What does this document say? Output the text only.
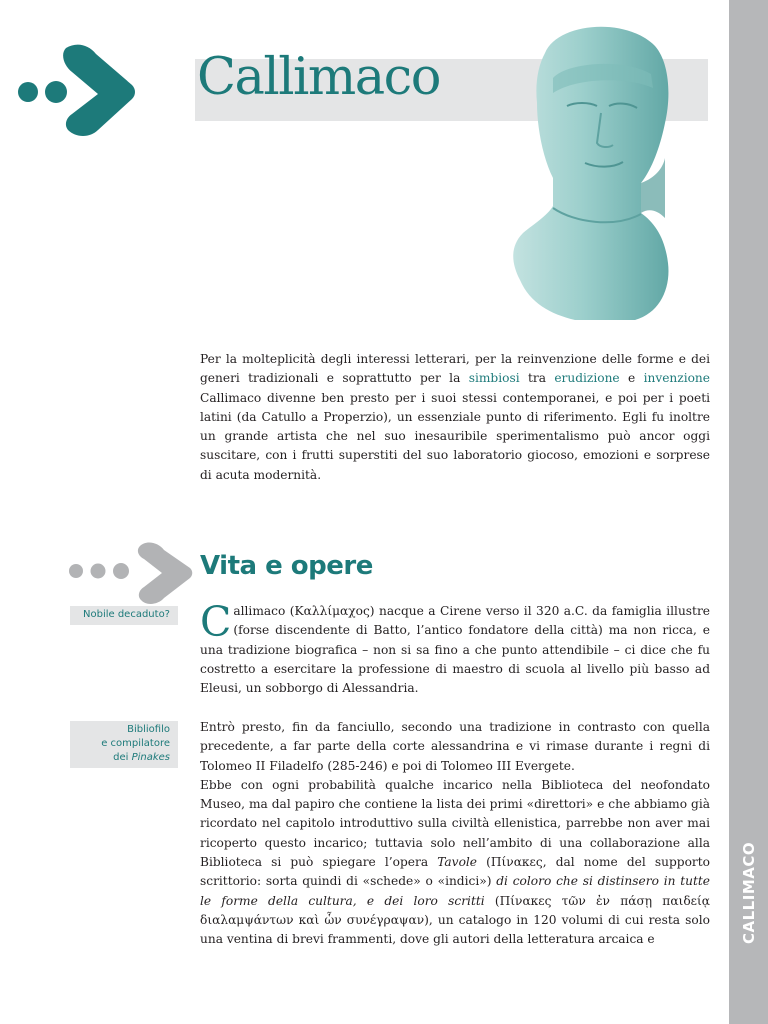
Callimaco

Per la molteplicità degli interessi letterari, per la reinvenzione delle forme e dei generi tradizionali e soprattutto per la simbiosi tra erudizione e invenzione Callimaco divenne ben presto per i suoi stessi contemporanei, e poi per i poeti latini (da Catullo a Properzio), un essenziale punto di riferimento. Egli fu inoltre un grande artista che nel suo inesauribile sperimentalismo può ancor oggi suscitare, con i frutti superstiti del suo laboratorio giocoso, emozioni e sorprese di acuta modernità.

Vita e opere
Nobile decaduto?
Bibliofilo
e compilatore
dei Pinakes

Callimaco (Καλλίμαχος) nacque a Cirene verso il 320 a.C. da famiglia illustre (forse discendente di Batto, l’antico fondatore della città) ma non ricca, e una tradizione biografica – non si sa fino a che punto attendibile – ci dice che fu costretto a esercitare la professione di maestro di scuola al livello più basso ad Eleusi, un sobborgo di Alessandria.

Entrò presto, fin da fanciullo, secondo una tradizione in contrasto con quella precedente, a far parte della corte alessandrina e vi rimase durante i regni di Tolomeo II Filadelfo (285-246) e poi di Tolomeo III Evergete.

Ebbe con ogni probabilità qualche incarico nella Biblioteca del neofondato Museo, ma dal papiro che contiene la lista dei primi «direttori» e che abbiamo già ricordato nel capitolo introduttivo sulla civiltà ellenistica, parrebbe non aver mai ricoperto questo incarico; tuttavia solo nell’ambito di una collaborazione alla Biblioteca si può spiegare l’opera Tavole (Πίνακες, dal nome del supporto scrittorio: sorta quindi di «schede» o «indici») di coloro che si distinsero in tutte le forme della cultura, e dei loro scritti (Πίνακες τῶν ἐν πάσῃ παιδείᾳ διαλαμψάντων καὶ ὧν συνέγραψαν), un catalogo in 120 volumi di cui resta solo una ventina di brevi frammenti, dove gli autori della letteratura arcaica e
